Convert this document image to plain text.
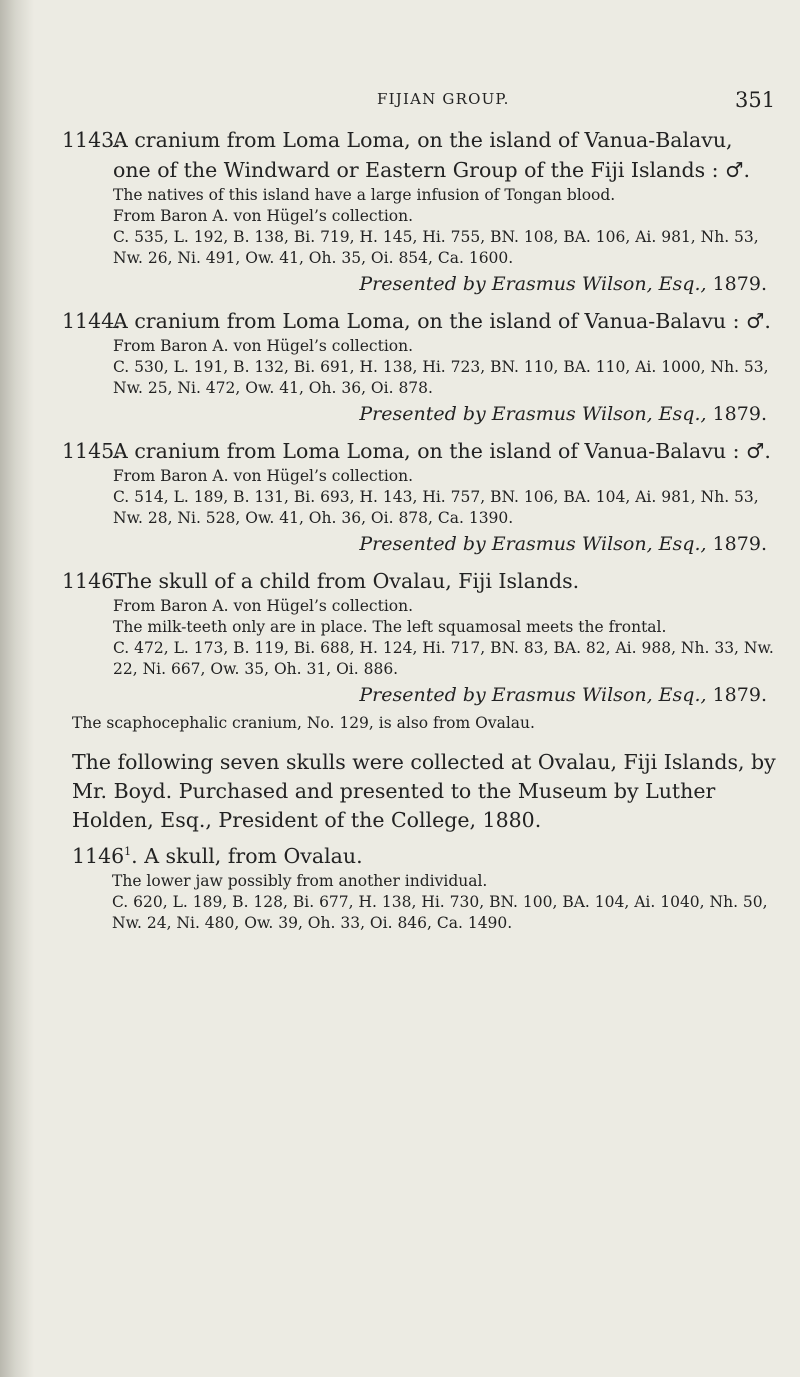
FIJIAN GROUP.	351

1143.A cranium from Loma Loma, on the island of Vanua-Balavu, one of the Windward or Eastern Group of the Fiji Islands : ♂.

The natives of this island have a large infusion of Tongan blood.

From Baron A. von Hügel’s collection.

C. 535, L. 192, B. 138, Bi. 719, H. 145, Hi. 755, BN. 108, BA. 106, Ai. 981, Nh. 53, Nw. 26, Ni. 491, Ow. 41, Oh. 35, Oi. 854, Ca. 1600.

Presented by Erasmus Wilson, Esq., 1879.

1144.A cranium from Loma Loma, on the island of Vanua-Balavu : ♂.

From Baron A. von Hügel’s collection.

C. 530, L. 191, B. 132, Bi. 691, H. 138, Hi. 723, BN. 110, BA. 110, Ai. 1000, Nh. 53, Nw. 25, Ni. 472, Ow. 41, Oh. 36, Oi. 878.

Presented by Erasmus Wilson, Esq., 1879.

1145.A cranium from Loma Loma, on the island of Vanua-Balavu : ♂.

From Baron A. von Hügel’s collection.

C. 514, L. 189, B. 131, Bi. 693, H. 143, Hi. 757, BN. 106, BA. 104, Ai. 981, Nh. 53, Nw. 28, Ni. 528, Ow. 41, Oh. 36, Oi. 878, Ca. 1390.

Presented by Erasmus Wilson, Esq., 1879.

1146.The skull of a child from Ovalau, Fiji Islands.

From Baron A. von Hügel’s collection.

The milk-teeth only are in place. The left squamosal meets the frontal.

C. 472, L. 173, B. 119, Bi. 688, H. 124, Hi. 717, BN. 83, BA. 82, Ai. 988, Nh. 33, Nw. 22, Ni. 667, Ow. 35, Oh. 31, Oi. 886.

Presented by Erasmus Wilson, Esq., 1879.

The scaphocephalic cranium, No. 129, is also from Ovalau.

The following seven skulls were collected at Ovalau, Fiji Islands, by Mr. Boyd. Purchased and presented to the Museum by Luther Holden, Esq., President of the College, 1880.

1146$^1$. A skull, from Ovalau.

The lower jaw possibly from another individual.

C. 620, L. 189, B. 128, Bi. 677, H. 138, Hi. 730, BN. 100, BA. 104, Ai. 1040, Nh. 50, Nw. 24, Ni. 480, Ow. 39, Oh. 33, Oi. 846, Ca. 1490.
